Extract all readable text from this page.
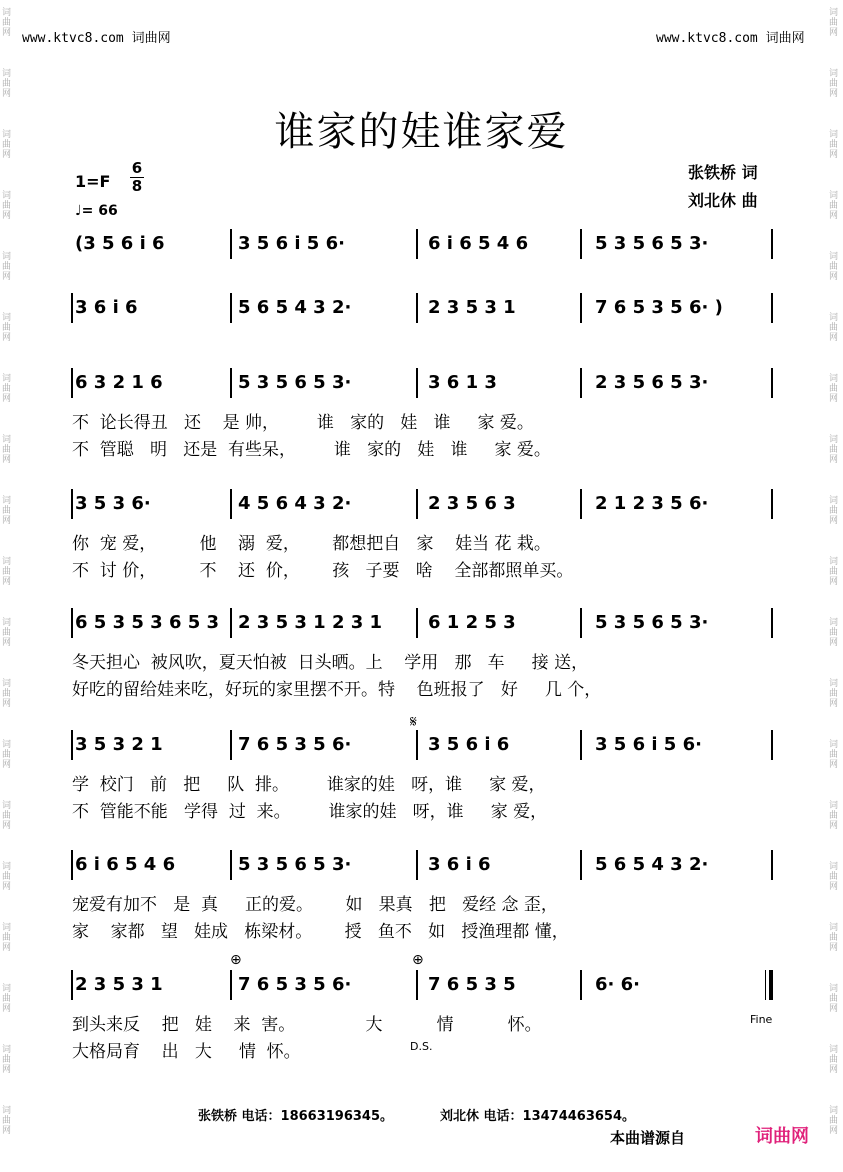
词
曲
网
词
曲
网
词
曲
网
词
曲
网
词
曲
网
词
曲
网
词
曲
网
词
曲
网
词
曲
网
词
曲
网
词
曲
网
词
曲
网
词
曲
网
词
曲
网
词
曲
网
词
曲
网
词
曲
网
词
曲
网
词
曲
网
词
曲
网
词
曲
网
词
曲
网
词
曲
网
词
曲
网
词
曲
网
词
曲
网
词
曲
网
词
曲
网
词
曲
网
词
曲
网
词
曲
网
词
曲
网
词
曲
网
词
曲
网
词
曲
网
词
曲
网
词
曲
网
词
曲
网
www.ktvc8.com 词曲网	www.ktvc8.com 词曲网
谁家的娃谁家爱
1=F
6
8
♩= 66
张铁桥 词
刘北休 曲
(3 5 6 i 6	3 5 6 i 5 6·	6 i 6 5 4 6	5 3 5 6 5 3·
3 6 i 6	5 6 5 4 3 2·	2 3 5 3 1	7 6 5 3 5 6· )
6 3 2 1 6	5 3 5 6 5 3·	3 6 1 3	2 3 5 6 5 3·
不  论长得丑   还    是 帅，       谁   家的   娃   谁     家 爱。
不  管聪   明   还是  有些呆，       谁   家的   娃   谁     家 爱。
3 5 3 6·	4 5 6 4 3 2·	2 3 5 6 3	2 1 2 3 5 6·
你  宠 爱，        他    溺  爱，      都想把自   家    娃当 花 栽。
不  讨 价，        不    还  价，      孩   子要   啥    全部都照单买。
6 5 3 5 3 6 5 3 2 3 5 3 1 2 3 1	6 1 2 5 3	5 3 5 6 5 3·
冬天担心  被风吹，夏天怕被  日头晒。上    学用   那   车     接 送，
好吃的留给娃来吃，好玩的家里摆不开。特    色班报了   好     几 个，
3 5 3 2 1	7 6 5 3 5 6·	3 5 6 i 6	3 5 6 i 5 6·
𝄋
学  校门   前   把     队  排。       谁家的娃   呀，谁     家 爱，
不  管能不能   学得  过  来。       谁家的娃   呀，谁     家 爱，
6 i 6 5 4 6	5 3 5 6 5 3·	3 6 i 6	5 6 5 4 3 2·
宠爱有加不   是  真     正的爱。      如   果真   把   爱经 念 歪，
家    家都   望   娃成   栋梁材。      授   鱼不   如   授渔理都 懂，
2 3 5 3 1	7 6 5 3 5 6·	7 6 5 3 5	6· 6·
⊕	⊕
到头来反    把   娃    来  害。             大          情          怀。
大格局育    出   大     情  怀。
Fine
D.S.
张铁桥 电话：18663196345。	刘北休 电话：13474463654。
本曲谱源自	词曲网
